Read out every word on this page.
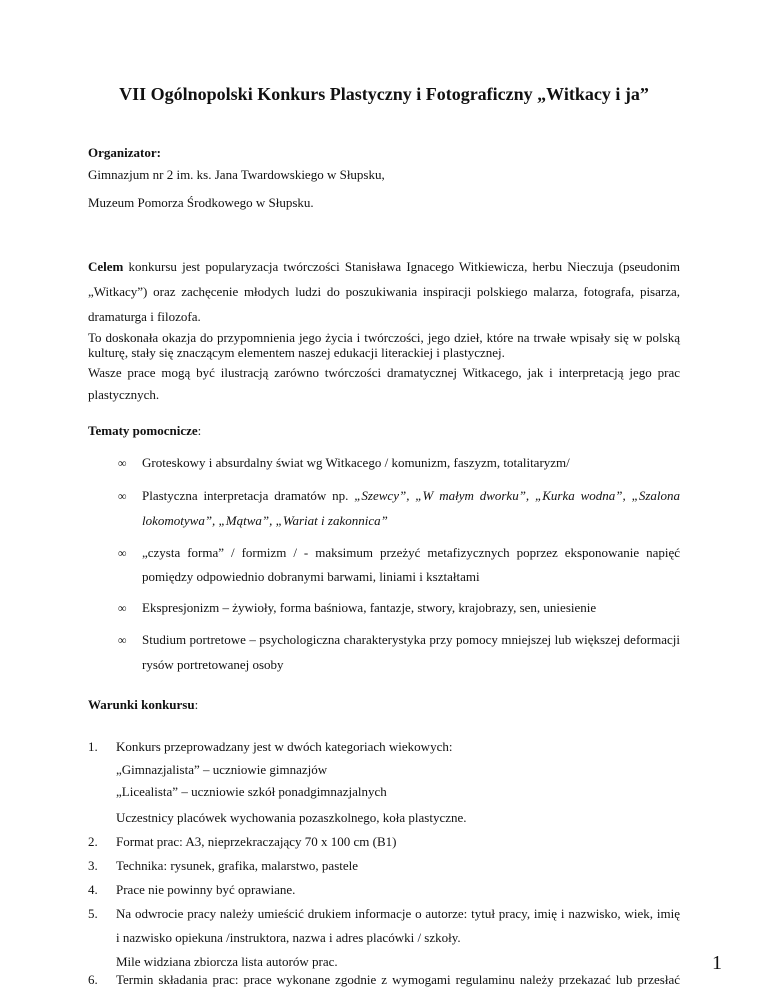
VII Ogólnopolski Konkurs Plastyczny i Fotograficzny „Witkacy i ja”
Organizator:
Gimnazjum nr 2 im. ks. Jana Twardowskiego w Słupsku,
Muzeum Pomorza Środkowego w Słupsku.
Celem konkursu jest popularyzacja twórczości Stanisława Ignacego Witkiewicza, herbu Nieczuja (pseudonim
„Witkacy”) oraz zachęcenie młodych ludzi do poszukiwania inspiracji polskiego malarza, fotografa, pisarza,
dramaturga i filozofa.
To doskonała okazja do przypomnienia jego życia i twórczości, jego dzieł, które na trwałe wpisały się w polską
kulturę, stały się znaczącym elementem naszej edukacji literackiej i plastycznej.
Wasze prace mogą być ilustracją zarówno twórczości dramatycznej Witkacego, jak i interpretacją jego prac
plastycznych.
Tematy pomocnicze:
∞ Groteskowy i absurdalny świat wg Witkacego / komunizm, faszyzm, totalitaryzm/
∞ Plastyczna interpretacja dramatów np. „Szewcy”, „W małym dworku”, „Kurka wodna”, „Szalona
lokomotywa”, „Mątwa”, „Wariat i zakonnica”
∞ „czysta forma” / formizm / - maksimum przeżyć metafizycznych poprzez eksponowanie napięć
pomiędzy odpowiednio dobranymi barwami, liniami i kształtami
∞ Ekspresjonizm – żywioły, forma baśniowa, fantazje, stwory, krajobrazy, sen, uniesienie
∞ Studium portretowe – psychologiczna charakterystyka przy pomocy mniejszej lub większej deformacji
rysów portretowanej osoby
Warunki konkursu:
1. Konkurs przeprowadzany jest w dwóch kategoriach wiekowych:
„Gimnazjalista” – uczniowie gimnazjów
„Licealista” – uczniowie szkół ponadgimnazjalnych
Uczestnicy placówek wychowania pozaszkolnego, koła plastyczne.
2. Format prac: A3, nieprzekraczający 70 x 100 cm (B1)
3. Technika: rysunek, grafika, malarstwo, pastele
4. Prace nie powinny być oprawiane.
5. Na odwrocie pracy należy umieścić drukiem informacje o autorze: tytuł pracy, imię i nazwisko, wiek, imię
i nazwisko opiekuna /instruktora, nazwa i adres placówki / szkoły.
Mile widziana zbiorcza lista autorów prac.
6. Termin składania prac: prace wykonane zgodnie z wymogami regulaminu należy przekazać lub przesłać
1
